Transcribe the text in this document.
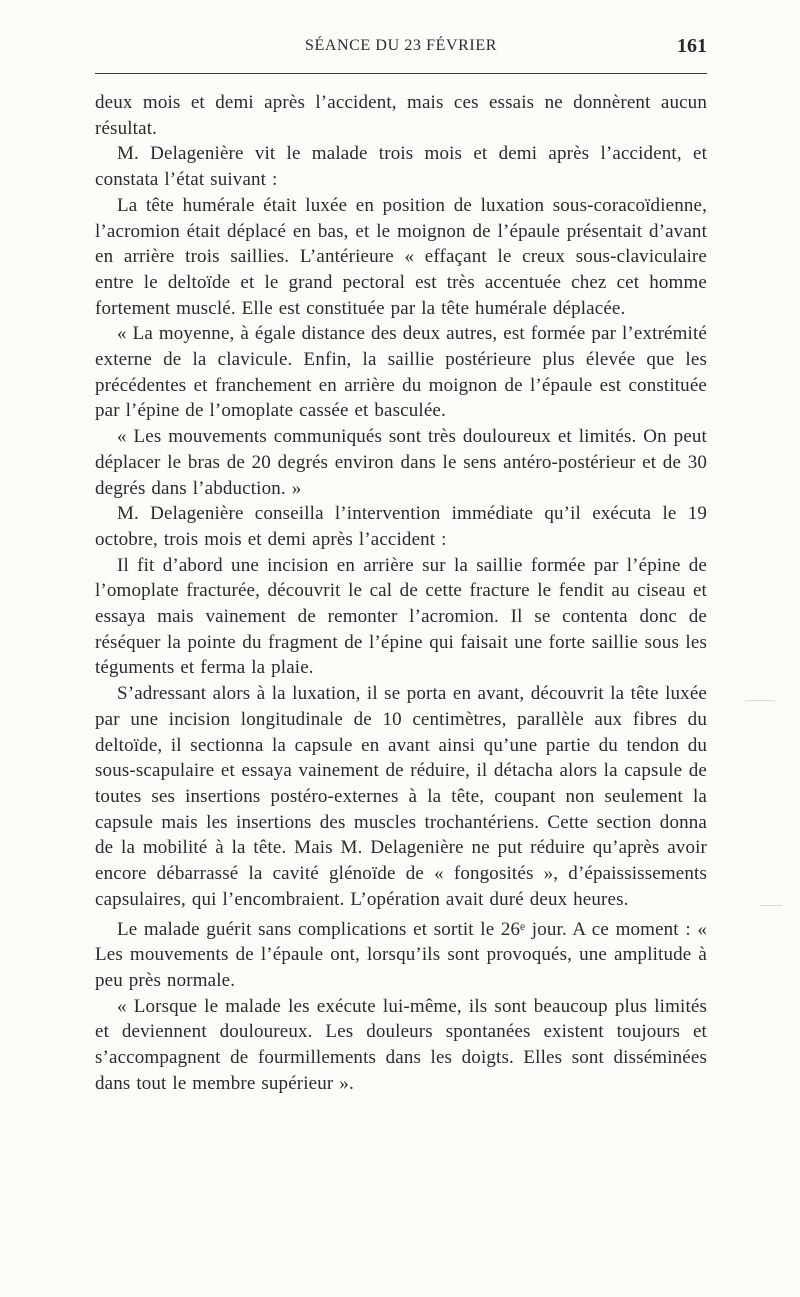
SÉANCE DU 23 FÉVRIER	161

deux mois et demi après l’accident, mais ces essais ne donnèrent aucun résultat.

M. Delagenière vit le malade trois mois et demi après l’accident, et constata l’état suivant :

La tête humérale était luxée en position de luxation sous-coracoïdienne, l’acromion était déplacé en bas, et le moignon de l’épaule présentait d’avant en arrière trois saillies. L’antérieure « effaçant le creux sous-claviculaire entre le deltoïde et le grand pectoral est très accentuée chez cet homme fortement musclé. Elle est constituée par la tête humérale déplacée.

« La moyenne, à égale distance des deux autres, est formée par l’extrémité externe de la clavicule. Enfin, la saillie postérieure plus élevée que les précédentes et franchement en arrière du moignon de l’épaule est constituée par l’épine de l’omoplate cassée et basculée.

« Les mouvements communiqués sont très douloureux et limités. On peut déplacer le bras de 20 degrés environ dans le sens antéro-postérieur et de 30 degrés dans l’abduction. »

M. Delagenière conseilla l’intervention immédiate qu’il exécuta le 19 octobre, trois mois et demi après l’accident :

Il fit d’abord une incision en arrière sur la saillie formée par l’épine de l’omoplate fracturée, découvrit le cal de cette fracture le fendit au ciseau et essaya mais vainement de remonter l’acromion. Il se contenta donc de réséquer la pointe du fragment de l’épine qui faisait une forte saillie sous les téguments et ferma la plaie.

S’adressant alors à la luxation, il se porta en avant, découvrit la tête luxée par une incision longitudinale de 10 centimètres, parallèle aux fibres du deltoïde, il sectionna la capsule en avant ainsi qu’une partie du tendon du sous-scapulaire et essaya vainement de réduire, il détacha alors la capsule de toutes ses insertions postéro-externes à la tête, coupant non seulement la capsule mais les insertions des muscles trochantériens. Cette section donna de la mobilité à la tête. Mais M. Delagenière ne put réduire qu’après avoir encore débarrassé la cavité glénoïde de « fongosités », d’épaississements capsulaires, qui l’encombraient. L’opération avait duré deux heures.

Le malade guérit sans complications et sortit le 26ᵉ jour. A ce moment : « Les mouvements de l’épaule ont, lorsqu’ils sont provoqués, une amplitude à peu près normale.

« Lorsque le malade les exécute lui-même, ils sont beaucoup plus limités et deviennent douloureux. Les douleurs spontanées existent toujours et s’accompagnent de fourmillements dans les doigts. Elles sont disséminées dans tout le membre supérieur ».
